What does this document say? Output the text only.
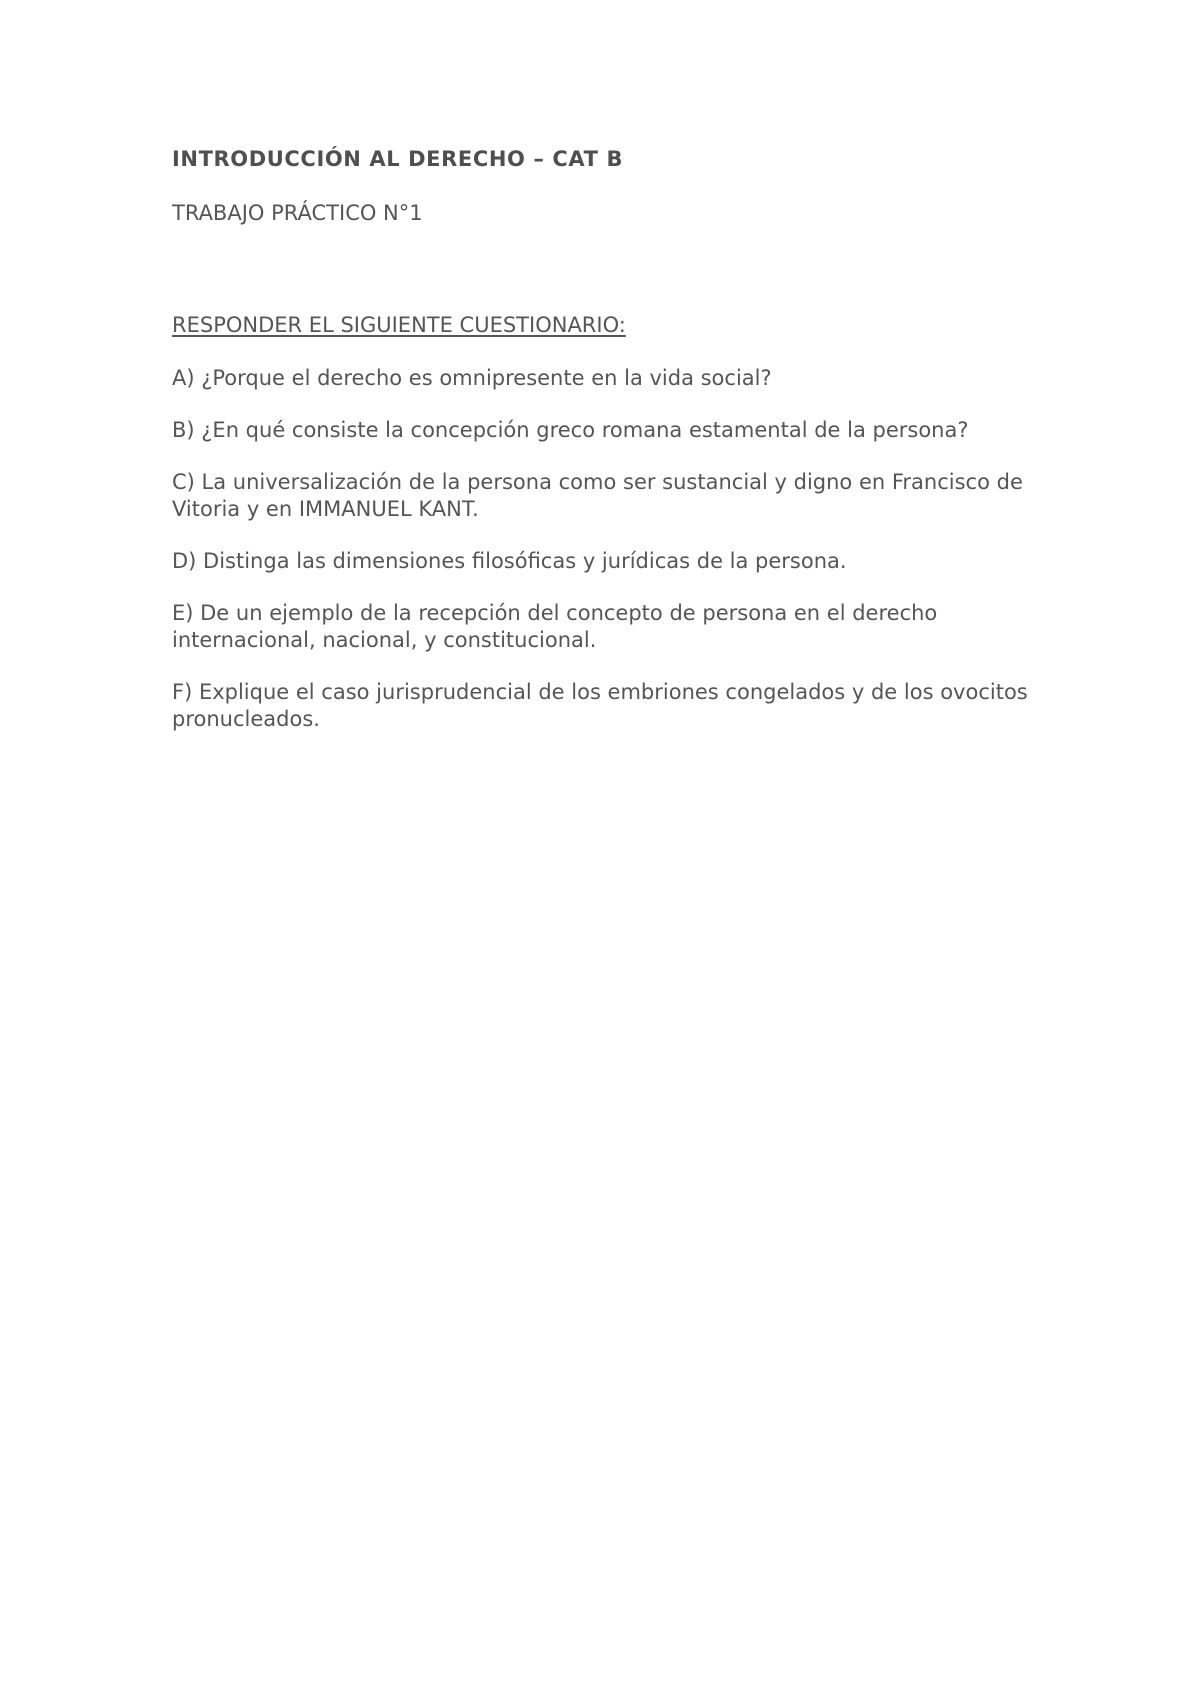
INTRODUCCIÓN AL DERECHO – CAT B

TRABAJO PRÁCTICO N°1

RESPONDER EL SIGUIENTE CUESTIONARIO:

A) ¿Porque el derecho es omnipresente en la vida social?
B) ¿En qué consiste la concepción greco romana estamental de la persona?
C) La universalización de la persona como ser sustancial y digno en Francisco de Vitoria y en IMMANUEL KANT.
D) Distinga las dimensiones filosóficas y jurídicas de la persona.
E) De un ejemplo de la recepción del concepto de persona en el derecho internacional, nacional, y constitucional.
F) Explique el caso jurisprudencial de los embriones congelados y de los ovocitos pronucleados.
